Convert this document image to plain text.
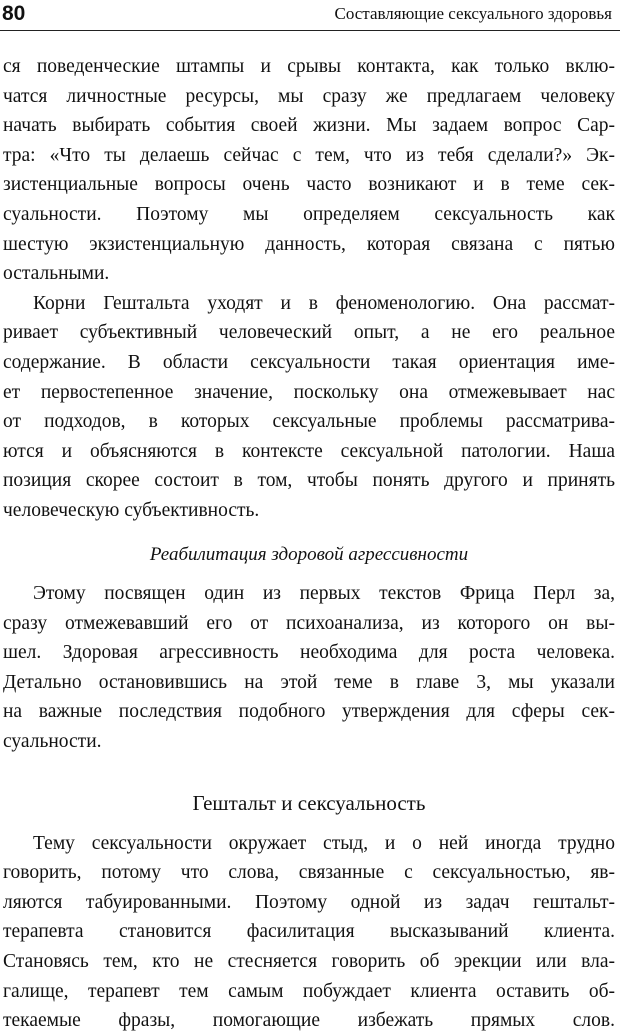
80	Составляющие сексуального здоровья
ся поведенческие штампы и срывы контакта, как только вклю-
чатся личностные ресурсы, мы сразу же предлагаем человеку
начать выбирать события своей жизни. Мы задаем вопрос Сар-
тра: «Что ты делаешь сейчас с тем, что из тебя сделали?» Эк-
зистенциальные вопросы очень часто возникают и в теме сек-
суальности. Поэтому мы определяем сексуальность как
шестую экзистенциальную данность, которая связана с пятью
остальными.
Корни Гештальта уходят и в феноменологию. Она рассмат-
ривает субъективный человеческий опыт, а не его реальное
содержание. В области сексуальности такая ориентация име-
ет первостепенное значение, поскольку она отмежевывает нас
от подходов, в которых сексуальные проблемы рассматрива-
ются и объясняются в контексте сексуальной патологии. Наша
позиция скорее состоит в том, чтобы понять другого и принять
человеческую субъективность.
Реабилитация здоровой агрессивности
Этому посвящен один из первых текстов Фрица Перл за,
сразу отмежевавший его от психоанализа, из которого он вы-
шел. Здоровая агрессивность необходима для роста человека.
Детально остановившись на этой теме в главе 3, мы указали
на важные последствия подобного утверждения для сферы сек-
суальности.
Гештальт и сексуальность
Тему сексуальности окружает стыд, и о ней иногда трудно
говорить, потому что слова, связанные с сексуальностью, яв-
ляются табуированными. Поэтому одной из задач гештальт-
терапевта становится фасилитация высказываний клиента.
Становясь тем, кто не стесняется говорить об эрекции или вла-
галище, терапевт тем самым побуждает клиента оставить об-
текаемые фразы, помогающие избежать прямых слов.
